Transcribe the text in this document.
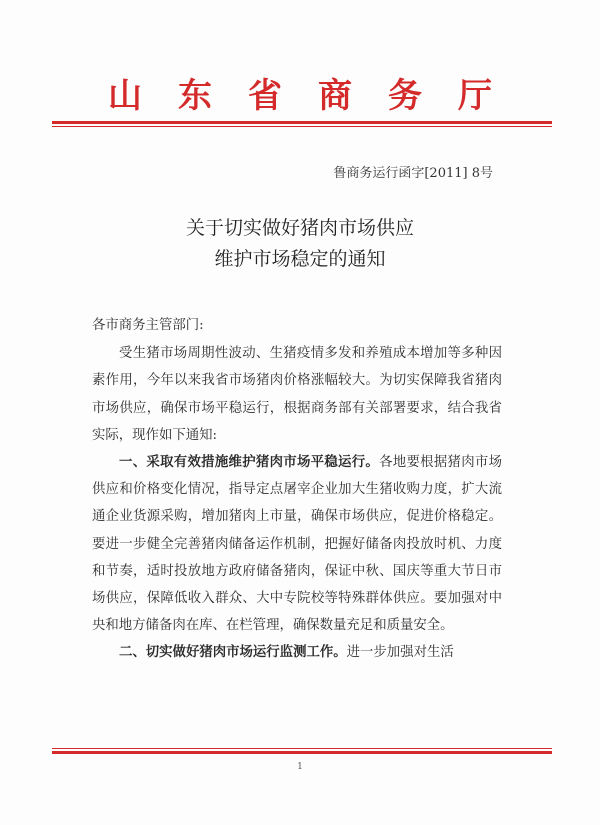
山东省商务厅
鲁商务运行函字[2011] 8号
关于切实做好猪肉市场供应
维护市场稳定的通知

各市商务主管部门:

受生猪市场周期性波动、生猪疫情多发和养殖成本增加等多种因素作用，今年以来我省市场猪肉价格涨幅较大。为切实保障我省猪肉市场供应，确保市场平稳运行，根据商务部有关部署要求，结合我省实际，现作如下通知:

一、采取有效措施维护猪肉市场平稳运行。各地要根据猪肉市场供应和价格变化情况，指导定点屠宰企业加大生猪收购力度，扩大流通企业货源采购，增加猪肉上市量，确保市场供应，促进价格稳定。要进一步健全完善猪肉储备运作机制，把握好储备肉投放时机、力度和节奏，适时投放地方政府储备猪肉，保证中秋、国庆等重大节日市场供应，保障低收入群众、大中专院校等特殊群体供应。要加强对中央和地方储备肉在库、在栏管理，确保数量充足和质量安全。

二、切实做好猪肉市场运行监测工作。进一步加强对生活

1
